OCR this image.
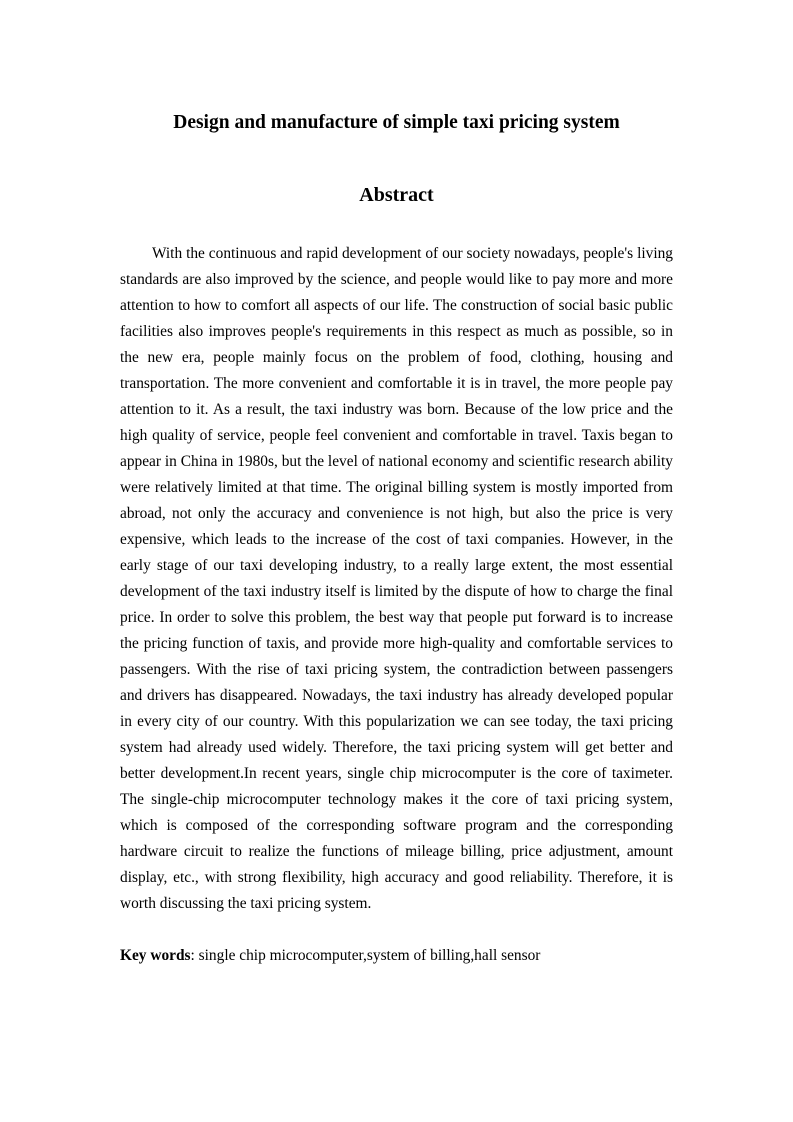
Design and manufacture of simple taxi pricing system
Abstract

With the continuous and rapid development of our society nowadays, people's living standards are also improved by the science, and people would like to pay more and more attention to how to comfort all aspects of our life. The construction of social basic public facilities also improves people's requirements in this respect as much as possible, so in the new era, people mainly focus on the problem of food, clothing, housing and transportation. The more convenient and comfortable it is in travel, the more people pay attention to it. As a result, the taxi industry was born. Because of the low price and the high quality of service, people feel convenient and comfortable in travel. Taxis began to appear in China in 1980s, but the level of national economy and scientific research ability were relatively limited at that time. The original billing system is mostly imported from abroad, not only the accuracy and convenience is not high, but also the price is very expensive, which leads to the increase of the cost of taxi companies. However, in the early stage of our taxi developing industry, to a really large extent, the most essential development of the taxi industry itself is limited by the dispute of how to charge the final price. In order to solve this problem, the best way that people put forward is to increase the pricing function of taxis, and provide more high-quality and comfortable services to passengers. With the rise of taxi pricing system, the contradiction between passengers and drivers has disappeared. Nowadays, the taxi industry has already developed popular in every city of our country. With this popularization we can see today, the taxi pricing system had already used widely. Therefore, the taxi pricing system will get better and better development.In recent years, single chip microcomputer is the core of taximeter. The single-chip microcomputer technology makes it the core of taxi pricing system, which is composed of the corresponding software program and the corresponding hardware circuit to realize the functions of mileage billing, price adjustment, amount display, etc., with strong flexibility, high accuracy and good reliability. Therefore, it is worth discussing the taxi pricing system.

Key words: single chip microcomputer,system of billing,hall sensor
